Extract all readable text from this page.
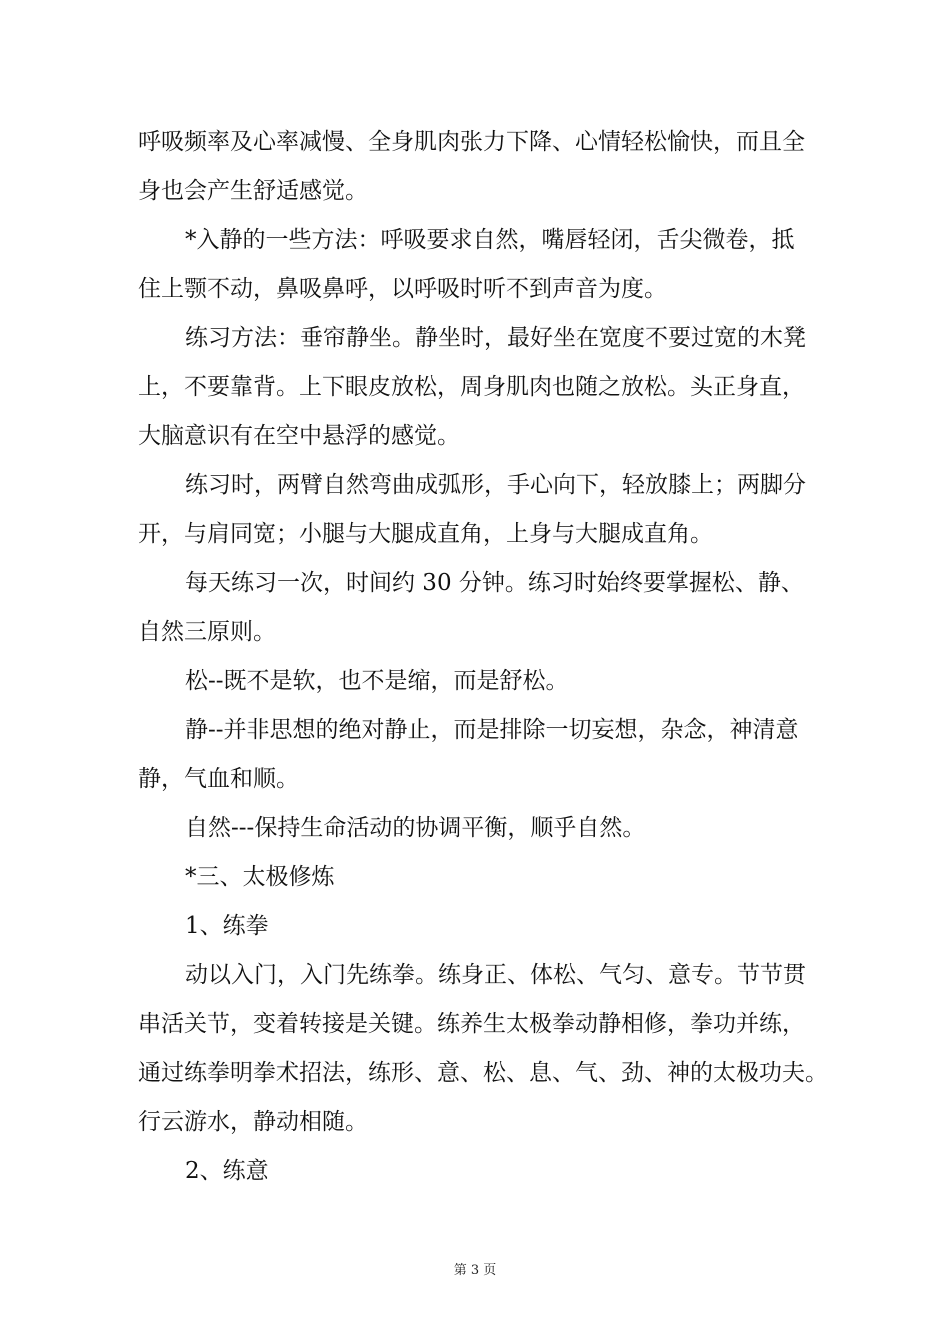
呼吸频率及心率减慢、全身肌肉张力下降、心情轻松愉快，而且全
身也会产生舒适感觉。
*入静的一些方法：呼吸要求自然，嘴唇轻闭，舌尖微卷，抵
住上颚不动，鼻吸鼻呼，以呼吸时听不到声音为度。
练习方法：垂帘静坐。静坐时，最好坐在宽度不要过宽的木凳
上，不要靠背。上下眼皮放松，周身肌肉也随之放松。头正身直，
大脑意识有在空中悬浮的感觉。
练习时，两臂自然弯曲成弧形，手心向下，轻放膝上；两脚分
开，与肩同宽；小腿与大腿成直角，上身与大腿成直角。
每天练习一次，时间约 30 分钟。练习时始终要掌握松、静、
自然三原则。
松--既不是软，也不是缩，而是舒松。
静--并非思想的绝对静止，而是排除一切妄想，杂念，神清意
静，气血和顺。
自然---保持生命活动的协调平衡，顺乎自然。
*三、太极修炼
1、练拳
动以入门，入门先练拳。练身正、体松、气匀、意专。节节贯
串活关节，变着转接是关键。练养生太极拳动静相修，拳功并练，
通过练拳明拳术招法，练形、意、松、息、气、劲、神的太极功夫。
行云游水，静动相随。
2、练意
第 3 页
